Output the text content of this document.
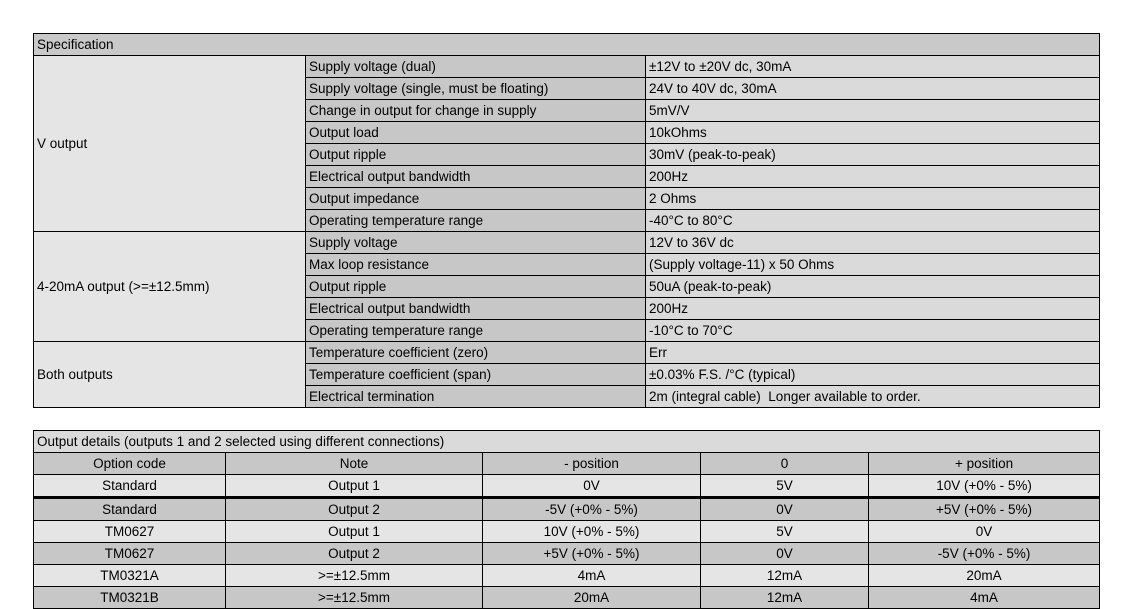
Specification		
V output	Supply voltage (dual)	±12V to ±20V dc, 30mA
	Supply voltage (single, must be floating)	24V to 40V dc, 30mA
	Change in output for change in supply	5mV/V
	Output load	10kOhms
	Output ripple	30mV (peak-to-peak)
	Electrical output bandwidth	200Hz
	Output impedance	2 Ohms
	Operating temperature range	-40°C to 80°C
4-20mA output (>=±12.5mm)	Supply voltage	12V to 36V dc
	Max loop resistance	(Supply voltage-11) x 50 Ohms
	Output ripple	50uA (peak-to-peak)
	Electrical output bandwidth	200Hz
	Operating temperature range	-10°C to 70°C
Both outputs	Temperature coefficient (zero)	Err
	Temperature coefficient (span)	±0.03% F.S. /°C (typical)
	Electrical termination	2m (integral cable)  Longer available to order.
Output details (outputs 1 and 2 selected using different connections)				
Option code	Note	- position	0	+ position
Standard	Output 1	0V	5V	10V (+0% - 5%)
Standard	Output 2	-5V (+0% - 5%)	0V	+5V (+0% - 5%)
TM0627	Output 1	10V (+0% - 5%)	5V	0V
TM0627	Output 2	+5V (+0% - 5%)	0V	-5V (+0% - 5%)
TM0321A	>=±12.5mm	4mA	12mA	20mA
TM0321B	>=±12.5mm	20mA	12mA	4mA
